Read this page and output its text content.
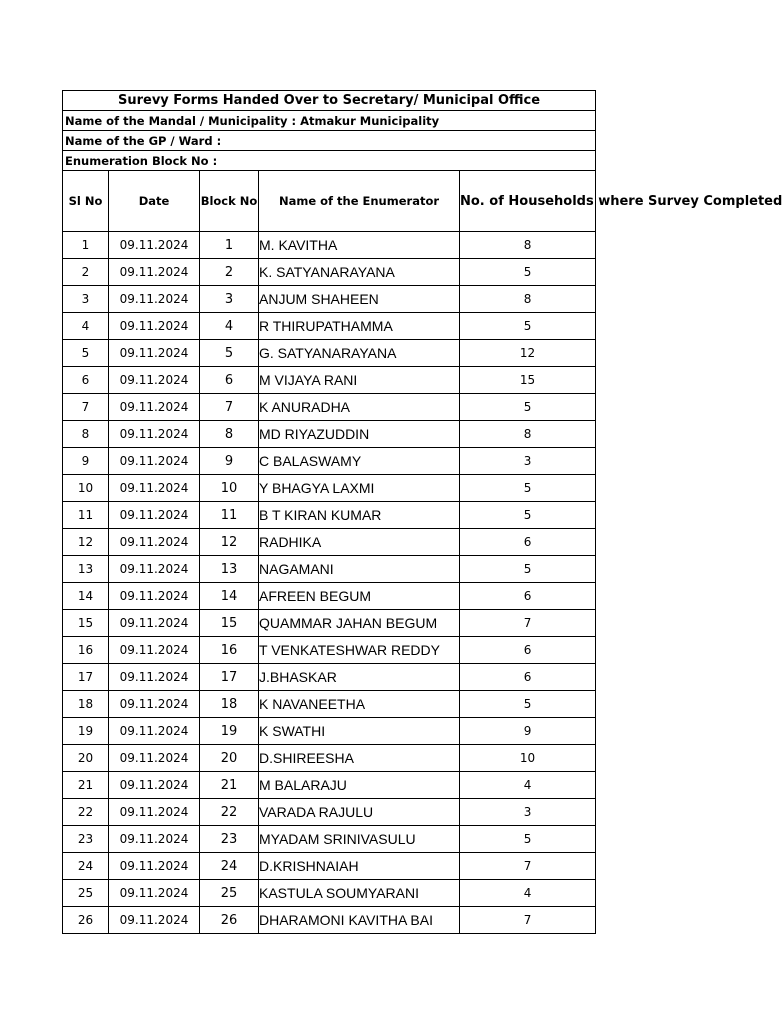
Surevy Forms Handed Over to Secretary/ Municipal Office				
Name of the Mandal / Municipality : Atmakur Municipality				
Name of the GP / Ward :				
Enumeration Block No :				
Sl No	Date	Block No	Name of the Enumerator	No. of Households where Survey Completed
1	09.11.2024	1	M. KAVITHA	8
2	09.11.2024	2	K. SATYANARAYANA	5
3	09.11.2024	3	ANJUM SHAHEEN	8
4	09.11.2024	4	R THIRUPATHAMMA	5
5	09.11.2024	5	G. SATYANARAYANA	12
6	09.11.2024	6	M VIJAYA RANI	15
7	09.11.2024	7	K ANURADHA	5
8	09.11.2024	8	MD RIYAZUDDIN	8
9	09.11.2024	9	C BALASWAMY	3
10	09.11.2024	10	Y BHAGYA LAXMI	5
11	09.11.2024	11	B T KIRAN KUMAR	5
12	09.11.2024	12	RADHIKA	6
13	09.11.2024	13	NAGAMANI	5
14	09.11.2024	14	AFREEN BEGUM	6
15	09.11.2024	15	QUAMMAR JAHAN BEGUM	7
16	09.11.2024	16	T VENKATESHWAR REDDY	6
17	09.11.2024	17	J.BHASKAR	6
18	09.11.2024	18	K NAVANEETHA	5
19	09.11.2024	19	K SWATHI	9
20	09.11.2024	20	D.SHIREESHA	10
21	09.11.2024	21	M BALARAJU	4
22	09.11.2024	22	VARADA RAJULU	3
23	09.11.2024	23	MYADAM SRINIVASULU	5
24	09.11.2024	24	D.KRISHNAIAH	7
25	09.11.2024	25	KASTULA SOUMYARANI	4
26	09.11.2024	26	DHARAMONI KAVITHA BAI	7
